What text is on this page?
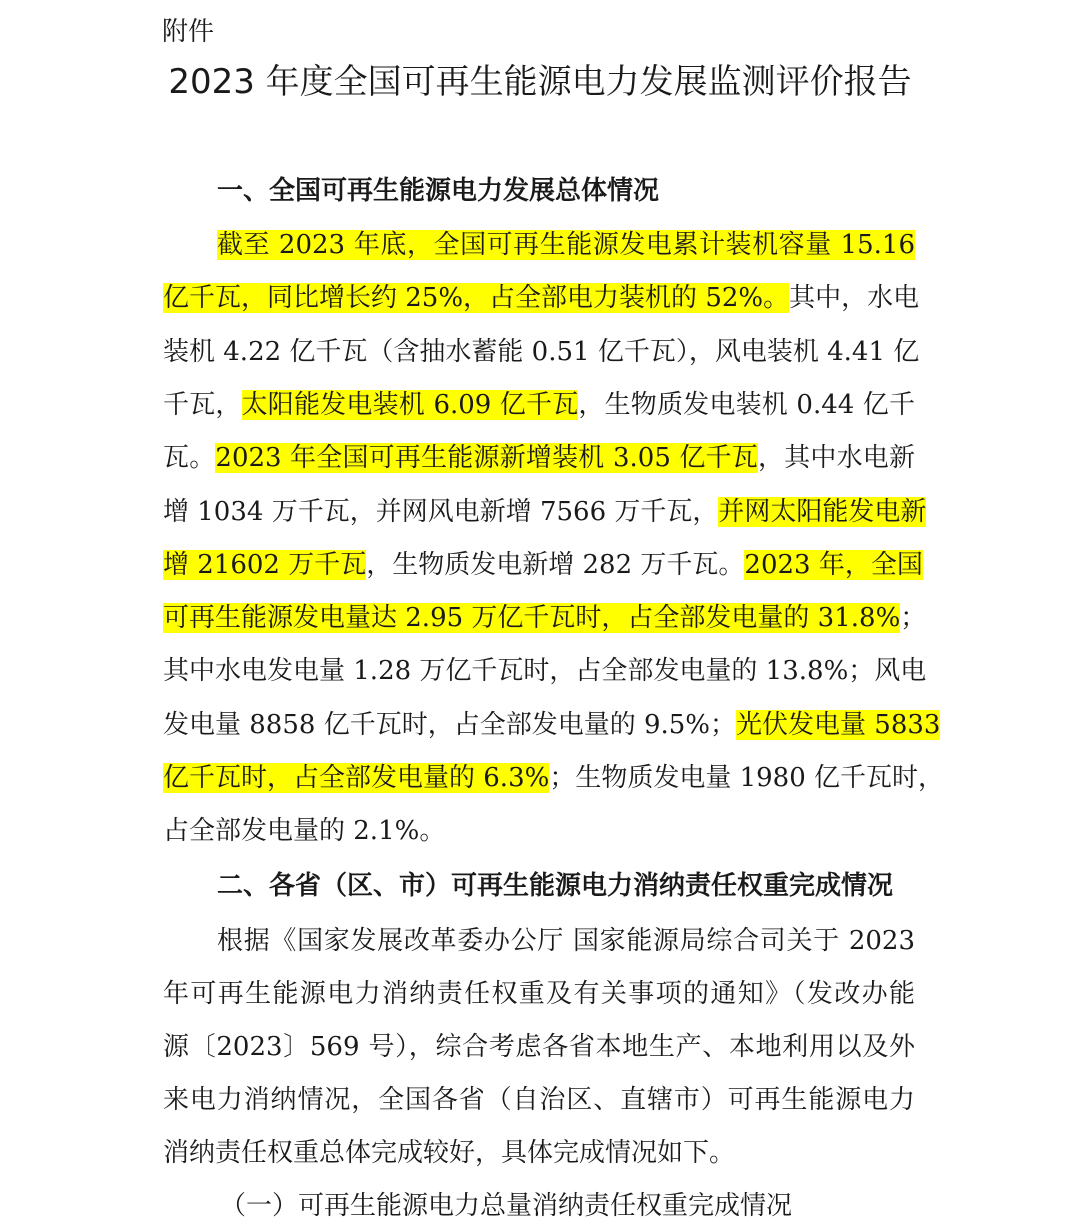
附件
2023 年度全国可再生能源电力发展监测评价报告
一、全国可再生能源电力发展总体情况
截至 2023 年底，全国可再生能源发电累计装机容量 15.16
亿千瓦，同比增长约 25%，占全部电力装机的 52%。其中，水电
装机 4.22 亿千瓦（含抽水蓄能 0.51 亿千瓦），风电装机 4.41 亿
千瓦，太阳能发电装机 6.09 亿千瓦，生物质发电装机 0.44 亿千
瓦。2023 年全国可再生能源新增装机 3.05 亿千瓦，其中水电新
增 1034 万千瓦，并网风电新增 7566 万千瓦，并网太阳能发电新
增 21602 万千瓦，生物质发电新增 282 万千瓦。2023 年，全国
可再生能源发电量达 2.95 万亿千瓦时，占全部发电量的 31.8%；
其中水电发电量 1.28 万亿千瓦时，占全部发电量的 13.8%；风电
发电量 8858 亿千瓦时，占全部发电量的 9.5%；光伏发电量 5833
亿千瓦时，占全部发电量的 6.3%；生物质发电量 1980 亿千瓦时，
占全部发电量的 2.1%。
二、各省（区、市）可再生能源电力消纳责任权重完成情况
根据《国家发展改革委办公厅 国家能源局综合司关于 2023
年可再生能源电力消纳责任权重及有关事项的通知》（发改办能
源〔2023〕569 号），综合考虑各省本地生产、本地利用以及外
来电力消纳情况，全国各省（自治区、直辖市）可再生能源电力
消纳责任权重总体完成较好，具体完成情况如下。
（一）可再生能源电力总量消纳责任权重完成情况
